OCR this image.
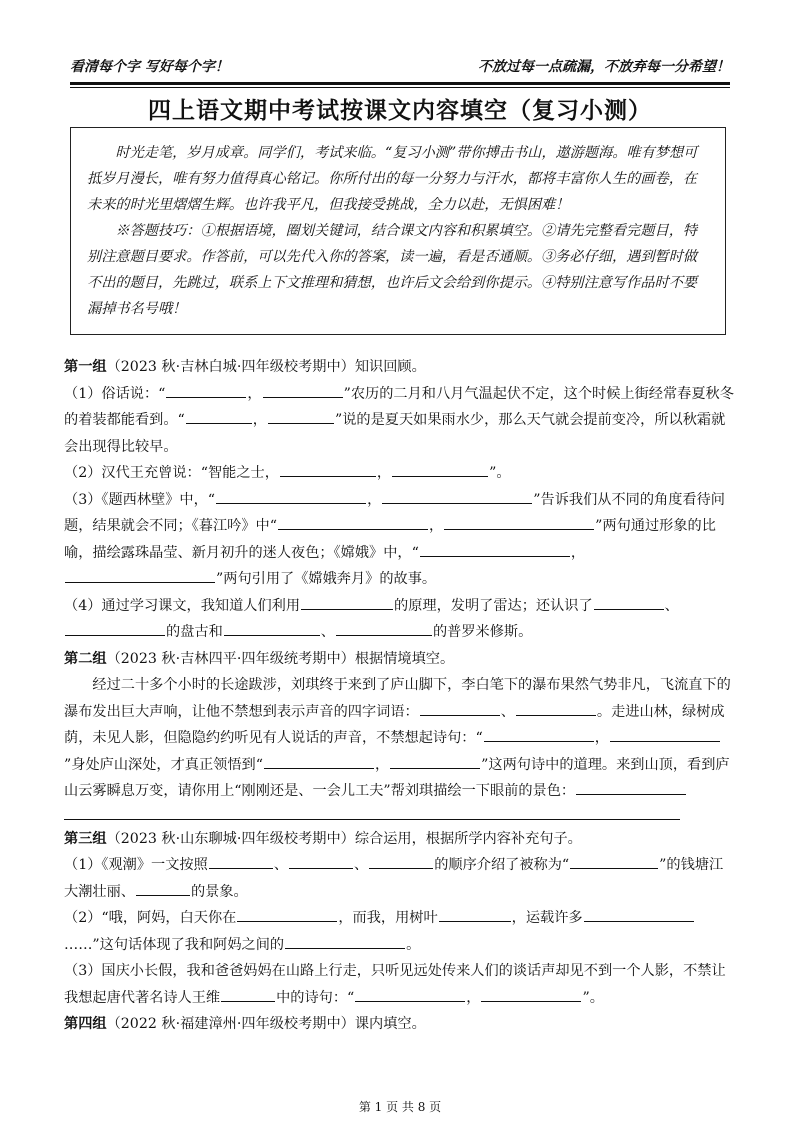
看清每个字 写好每个字！	不放过每一点疏漏，不放弃每一分希望！
四上语文期中考试按课文内容填空（复习小测）

时光走笔，岁月成章。同学们，考试来临。“复习小测”带你搏击书山，遨游题海。唯有梦想可抵岁月漫长，唯有努力值得真心铭记。你所付出的每一分努力与汗水，都将丰富你人生的画卷，在未来的时光里熠熠生辉。也许我平凡，但我接受挑战，全力以赴，无惧困难！

※答题技巧：①根据语境，圈划关键词，结合课文内容和积累填空。②请先完整看完题目，特别注意题目要求。作答前，可以先代入你的答案，读一遍，看是否通顺。③务必仔细，遇到暂时做不出的题目，先跳过，联系上下文推理和猜想，也许后文会给到你提示。④特别注意写作品时不要漏掉书名号哦！

第一组（2023 秋·吉林白城·四年级校考期中）知识回顾。

（1）俗话说：“	，	”农历的二月和八月气温起伏不定，这个时候上街经常春夏秋冬的着装都能看到。“	，	”说的是夏天如果雨水少，那么天气就会提前变冷，所以秋霜就会出现得比较早。

（2）汉代王充曾说：“智能之士，	，	”。

（3）《题西林壁》中，“	，	”告诉我们从不同的角度看待问题，结果就会不同；《暮江吟》中“	，	”两句通过形象的比喻，描绘露珠晶莹、新月初升的迷人夜色；《嫦娥》中，“	，”两句引用了《嫦娥奔月》的故事。

（4）通过学习课文，我知道人们利用	的原理，发明了雷达；还认识了	、的盘古和	、	的普罗米修斯。

第二组（2023 秋·吉林四平·四年级统考期中）根据情境填空。

经过二十多个小时的长途跋涉，刘琪终于来到了庐山脚下，李白笔下的瀑布果然气势非凡，飞流直下的瀑布发出巨大声响，让他不禁想到表示声音的四字词语：	、	。走进山林，绿树成荫，未见人影，但隐隐约约听见有人说话的声音，不禁想起诗句：“	，”身处庐山深处，才真正领悟到“	，	”这两句诗中的道理。来到山顶，看到庐山云雾瞬息万变，请你用上“刚刚还是、一会儿工夫”帮刘琪描绘一下眼前的景色：

第三组（2023 秋·山东聊城·四年级校考期中）综合运用，根据所学内容补充句子。

（1）《观潮》一文按照	、	、	的顺序介绍了被称为“	”的钱塘江大潮壮丽、	的景象。

（2）“哦，阿妈，白天你在	，而我，用树叶	，运载许多……”这句话体现了我和阿妈之间的	。

（3）国庆小长假，我和爸爸妈妈在山路上行走，只听见远处传来人们的谈话声却见不到一个人影，不禁让我想起唐代著名诗人王维	中的诗句：“	，	”。

第四组（2022 秋·福建漳州·四年级校考期中）课内填空。

第 1 页 共 8 页
